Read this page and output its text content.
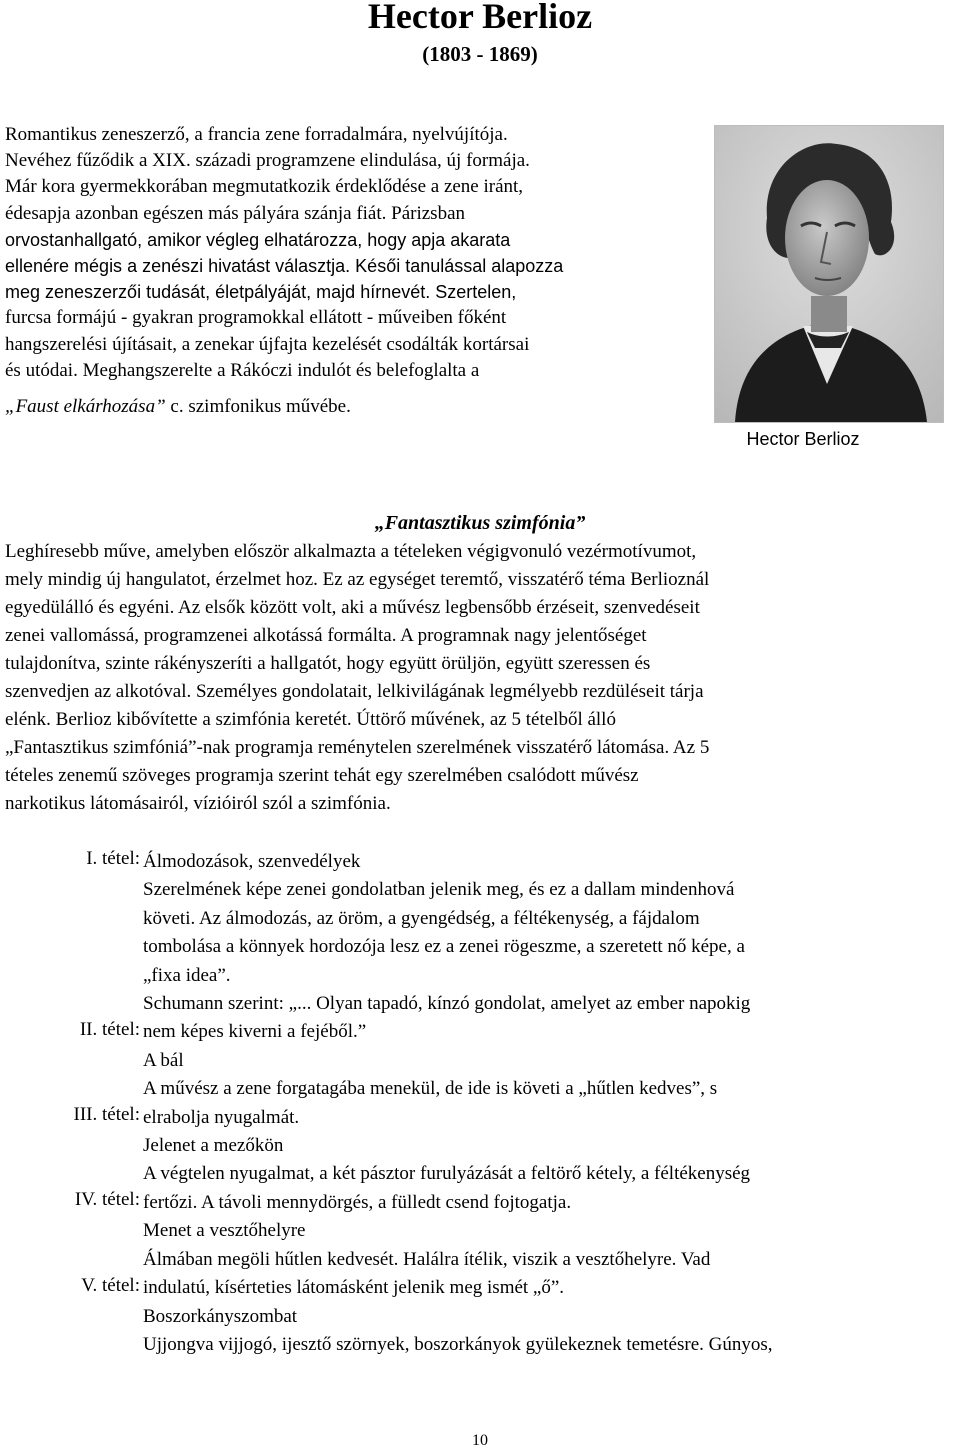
Hector Berlioz
(1803 - 1869)
Romantikus zeneszerző, a francia zene forradalmára, nyelvújítója.
Nevéhez fűződik a XIX. századi programzene elindulása, új formája.
Már kora gyermekkorában megmutatkozik érdeklődése a zene iránt,
édesapja azonban egészen más pályára szánja fiát. Párizsban
orvostanhallgató, amikor végleg elhatározza, hogy apja akarata
ellenére mégis a zenészi hivatást választja. Késői tanulással alapozza
meg zeneszerzői tudását, életpályáját, majd hírnevét. Szertelen,
furcsa formájú - gyakran programokkal ellátott - műveiben főként
hangszerelési újításait, a zenekar újfajta kezelését csodálták kortársai
és utódai. Meghangszerelte a Rákóczi indulót és belefoglalta a
„Faust elkárhozása” c. szimfonikus művébe.
Hector Berlioz
„Fantasztikus szimfónia”
Leghíresebb műve, amelyben először alkalmazta a tételeken végigvonuló vezérmotívumot,
mely mindig új hangulatot, érzelmet hoz. Ez az egységet teremtő, visszatérő téma Berlioznál
egyedülálló és egyéni. Az elsők között volt, aki a művész legbensőbb érzéseit, szenvedéseit
zenei vallomássá, programzenei alkotássá formálta. A programnak nagy jelentőséget
tulajdonítva, szinte rákényszeríti a hallgatót, hogy együtt örüljön, együtt szeressen és
szenvedjen az alkotóval. Személyes gondolatait, lelkivilágának legmélyebb rezdüléseit tárja
elénk. Berlioz kibővítette a szimfónia keretét. Úttörő művének, az 5 tételből álló
„Fantasztikus szimfóniá”-nak programja reménytelen szerelmének visszatérő látomása. Az 5
tételes zenemű szöveges programja szerint tehát egy szerelmében csalódott művész
narkotikus látomásairól, vízióiról szól a szimfónia.
I. tétel:
II. tétel:
III. tétel:
IV. tétel:
V. tétel:
Álmodozások, szenvedélyek
Szerelmének képe zenei gondolatban jelenik meg, és ez a dallam mindenhová
követi. Az álmodozás, az öröm, a gyengédség, a féltékenység, a fájdalom
tombolása a könnyek hordozója lesz ez a zenei rögeszme, a szeretett nő képe, a
„fixa idea”.
Schumann szerint: „... Olyan tapadó, kínzó gondolat, amelyet az ember napokig
nem képes kiverni a fejéből.”
A bál
A művész a zene forgatagába menekül, de ide is követi a „hűtlen kedves”, s
elrabolja nyugalmát.
Jelenet a mezőkön
A végtelen nyugalmat, a két pásztor furulyázását a feltörő kétely, a féltékenység
fertőzi. A távoli mennydörgés, a fülledt csend fojtogatja.
Menet a vesztőhelyre
Álmában megöli hűtlen kedvesét. Halálra ítélik, viszik a vesztőhelyre. Vad
indulatú, kísérteties látomásként jelenik meg ismét „ő”.
Boszorkányszombat
Ujjongva vijjogó, ijesztő szörnyek, boszorkányok gyülekeznek temetésre. Gúnyos,
10
